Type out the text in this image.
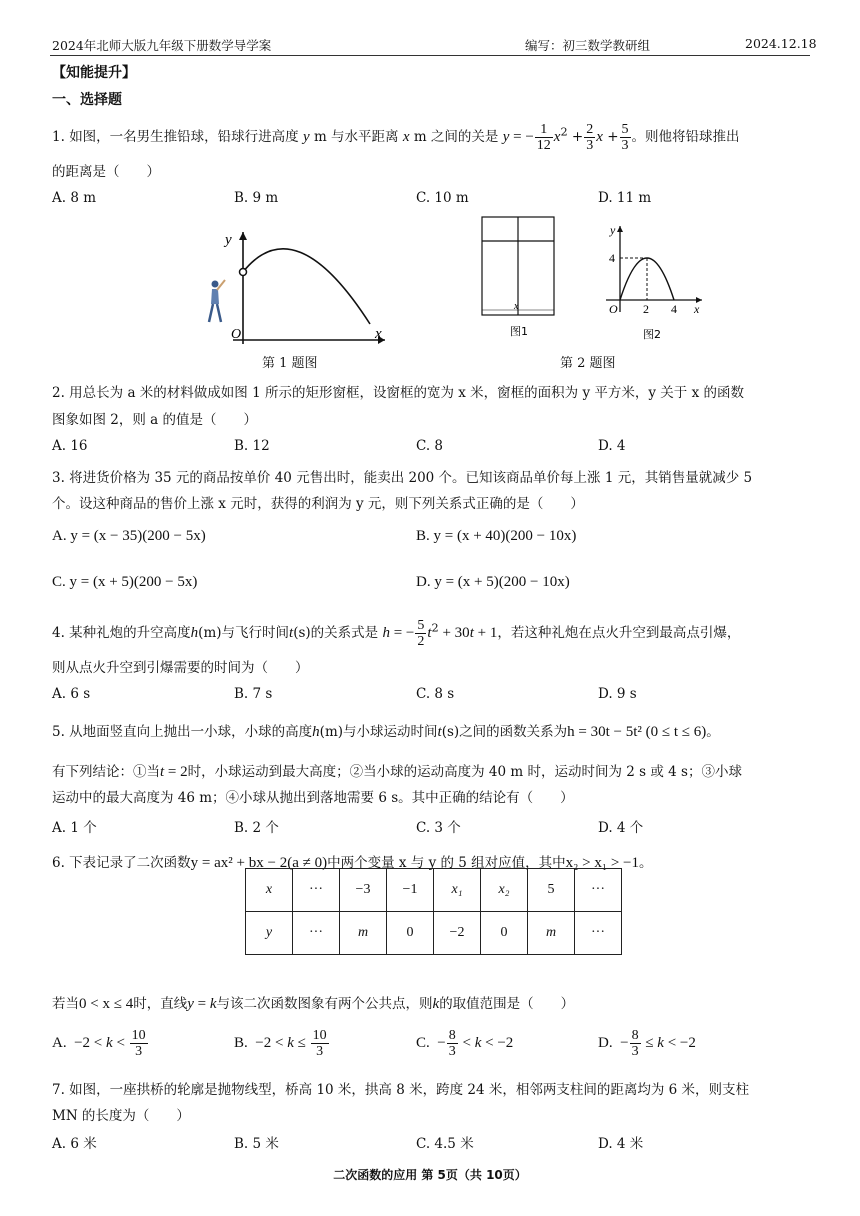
2024年北师大版九年级下册数学导学案	编写：初三数学教研组	2024.12.18
【知能提升】
一、选择题
1. 如图，一名男生推铅球，铅球行进高度 y m 与水平距离 x m 之间的关是 y = − $\frac{1}{12} x^2 + \frac{2}{3}$ $x + \frac{5}{3}$ 。则他将铅球推出
的距离是（　　）
A. 8 m	B. 9 m	C. 10 m	D. 11 m
y
O	x
第 1 题图
x
图1
y
4
O 2 4 x
图2
第 2 题图
2. 用总长为 a 米的材料做成如图 1 所示的矩形窗框，设窗框的宽为 x 米，窗框的面积为 y 平方米，y 关于 x 的函数
图象如图 2，则 a 的值是（　　）
A. 16	B. 12	C. 8	D. 4
3. 将进货价格为 35 元的商品按单价 40 元售出时，能卖出 200 个。已知该商品单价每上涨 1 元，其销售量就减少 5
个。设这种商品的售价上涨 x 元时，获得的利润为 y 元，则下列关系式正确的是（　　）
A. y = (x − 35)(200 − 5x)	B. y = (x + 40)(200 − 10x)
C. y = (x + 5)(200 − 5x)	D. y = (x + 5)(200 − 10x)
4. 某种礼炮的升空高度h(m)与飞行时间t(s)的关系式是 h = − $\frac{5}{2} t^2 + 30t + 1$，若这种礼炮在点火升空到最高点引爆，
则从点火升空到引爆需要的时间为（　　）
A. 6 s	B. 7 s	C. 8 s	D. 9 s
5. 从地面竖直向上抛出一小球，小球的高度h(m)与小球运动时间t(s)之间的函数关系为h = 30t − 5t² (0 ≤ t ≤ 6)。
有下列结论：①当t = 2时，小球运动到最大高度；②当小球的运动高度为 40 m 时，运动时间为 2 s 或 4 s；③小球
运动中的最大高度为 46 m；④小球从抛出到落地需要 6 s。其中正确的结论有（　　）
A. 1 个	B. 2 个	C. 3 个	D. 4 个
6. 下表记录了二次函数y = ax² + bx − 2(a ≠ 0)中两个变量 x 与 y 的 5 组对应值，其中x₂ > x₁ > −1。
x	···	−3	−1	x₁	x₂	5	···
y	···	m	0	−2	0	m	···
若当0 < x ≤ 4时，直线y = k与该二次函数图象有两个公共点，则k的取值范围是（　　）
A.  $-2 < k < \frac{10}{3}$	B.  $-2 < k \le \frac{10}{3}$	C.  − $\frac{8}{3} < k < -2$	D.  − $\frac{8}{3} \le k < -2$
7. 如图，一座拱桥的轮廓是抛物线型，桥高 10 米，拱高 8 米，跨度 24 米，相邻两支柱间的距离均为 6 米，则支柱
MN 的长度为（　　）
A. 6 米	B. 5 米	C. 4.5 米	D. 4 米
二次函数的应用 第 5页（共 10页）
